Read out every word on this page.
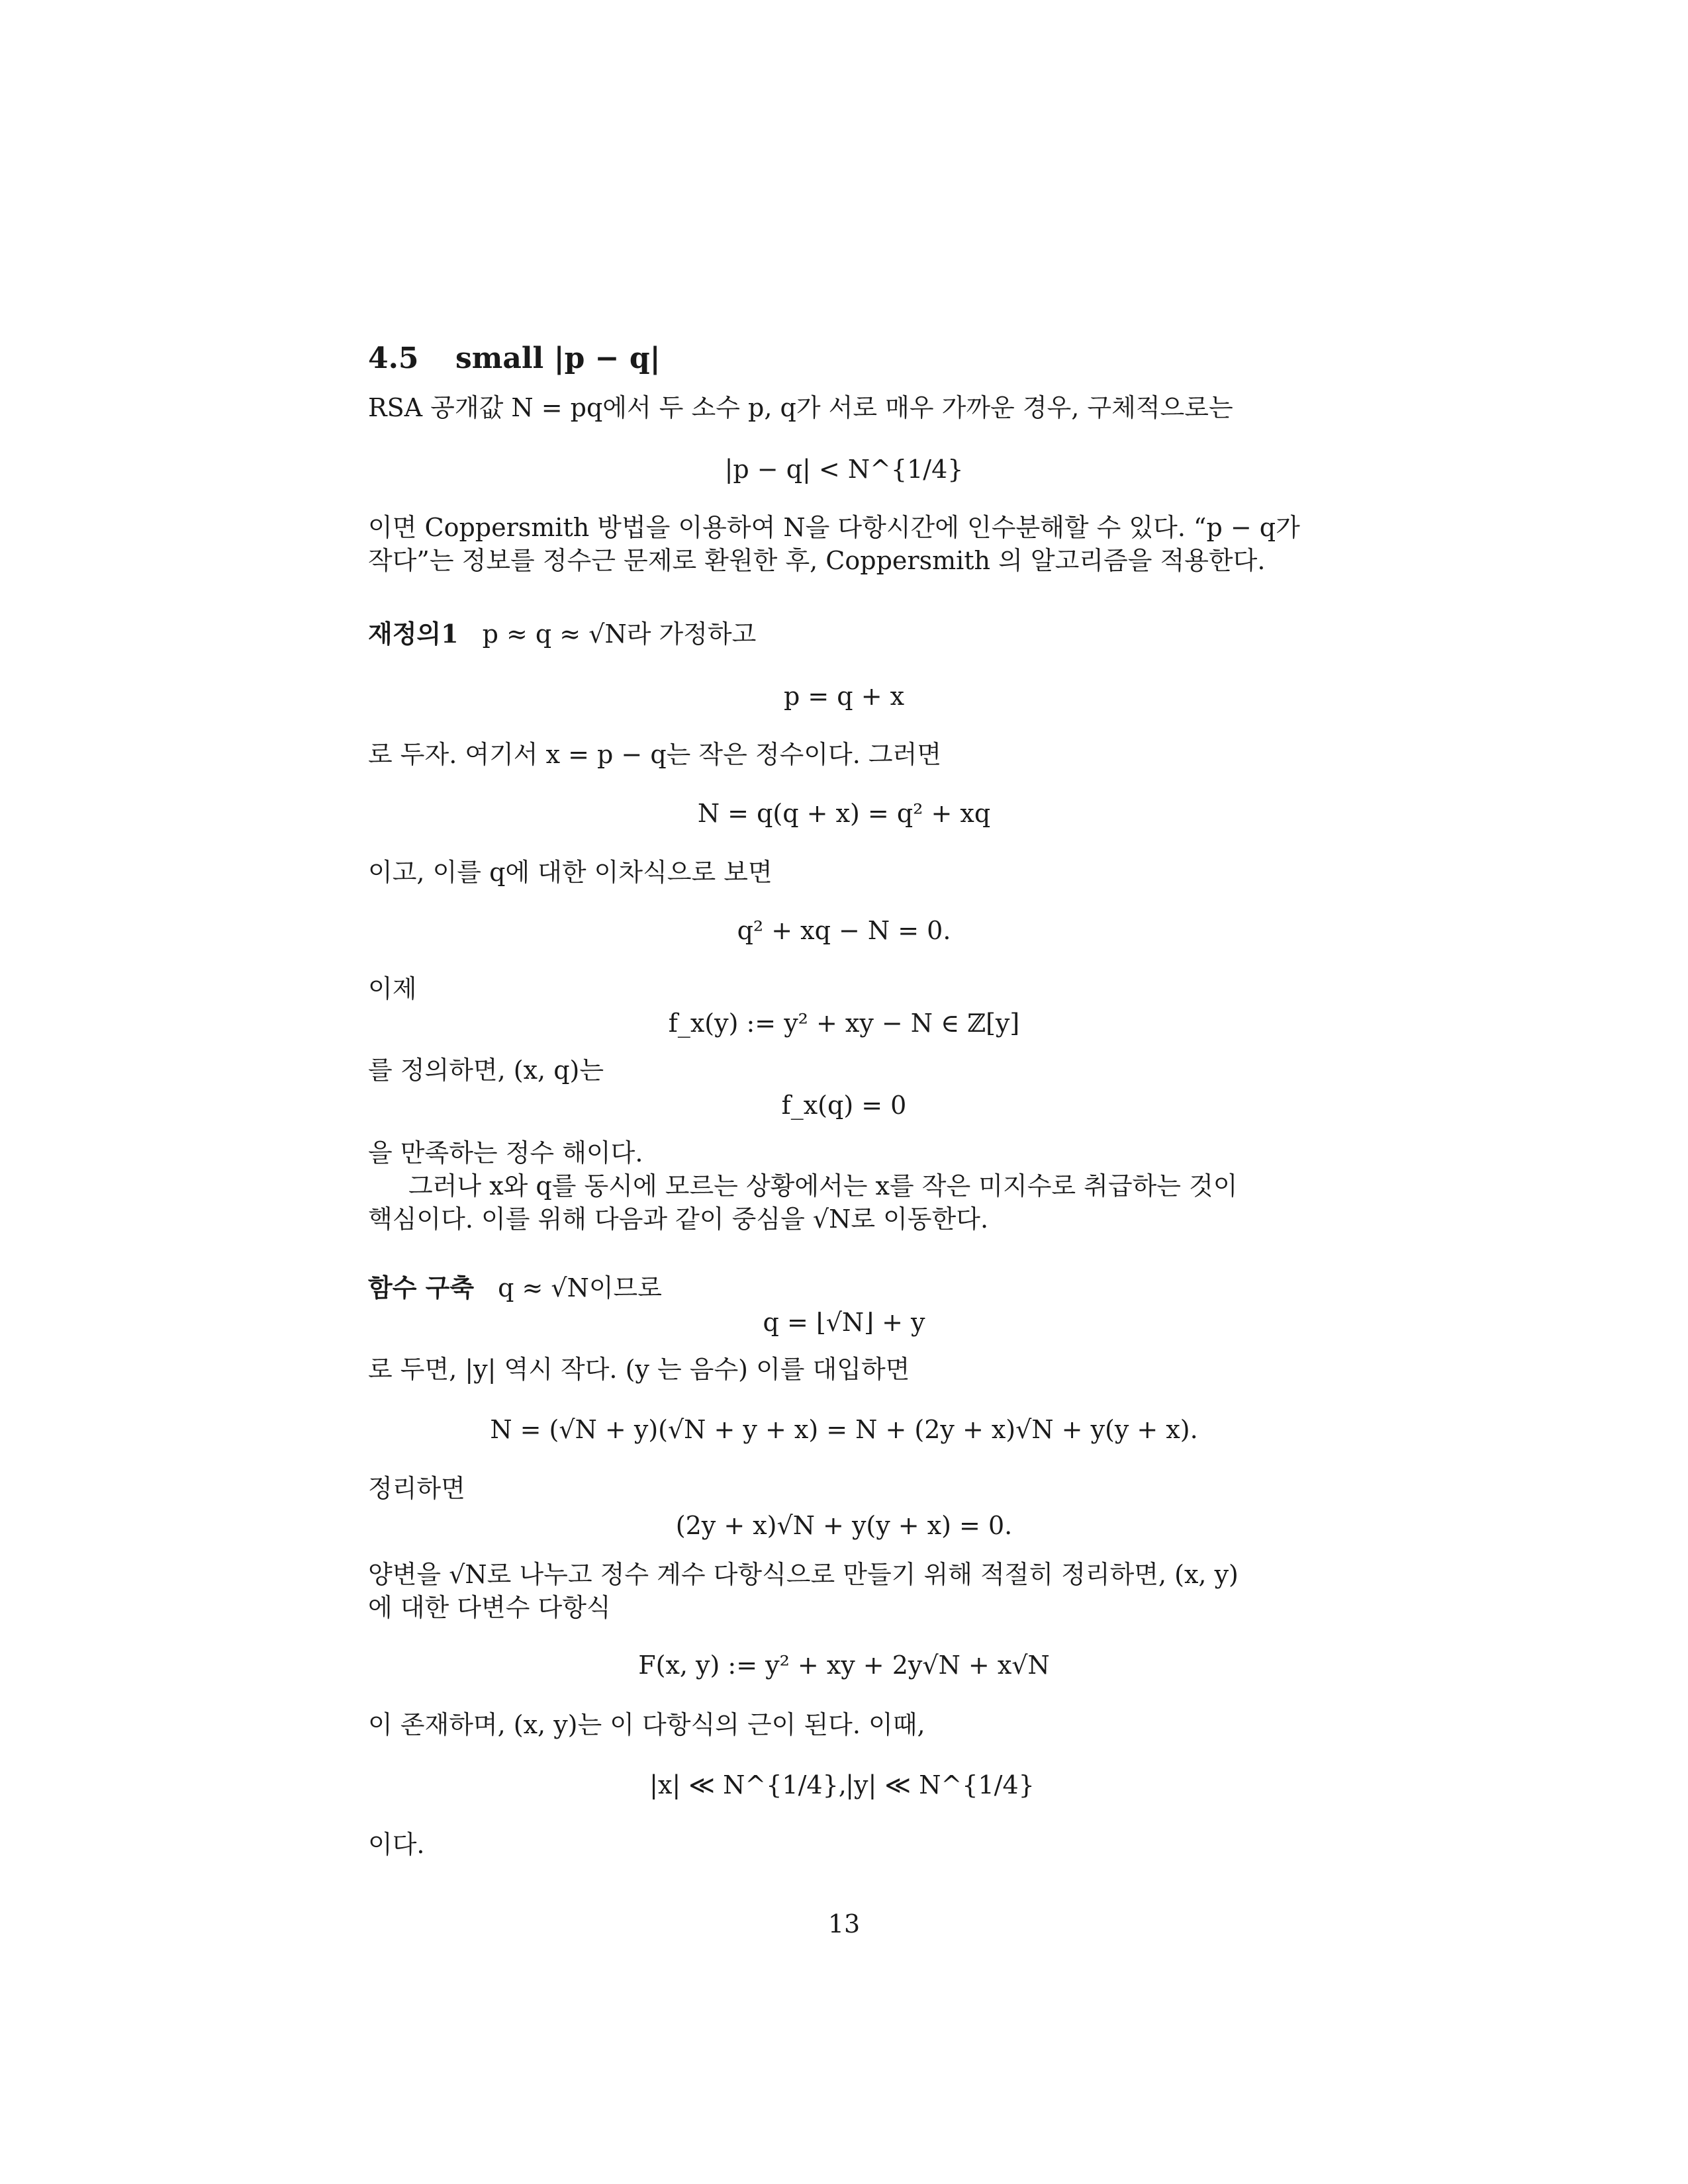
4.5 small |p − q|
RSA 공개값 N = pq에서 두 소수 p, q가 서로 매우 가까운 경우, 구체적으로는
|p − q| < N^{1/4}
이면 Coppersmith 방법을 이용하여 N을 다항시간에 인수분해할 수 있다. “p − q가
작다”는 정보를 정수근 문제로 환원한 후, Coppersmith 의 알고리즘을 적용한다.
재정의1 p ≈ q ≈ √N라 가정하고
p = q + x
로 두자. 여기서 x = p − q는 작은 정수이다. 그러면
N = q(q + x) = q² + xq
이고, 이를 q에 대한 이차식으로 보면
q² + xq − N = 0.
이제
f_x(y) := y² + xy − N ∈ ℤ[y]
를 정의하면, (x, q)는
f_x(q) = 0
을 만족하는 정수 해이다.
그러나 x와 q를 동시에 모르는 상황에서는 x를 작은 미지수로 취급하는 것이
핵심이다. 이를 위해 다음과 같이 중심을 √N로 이동한다.
함수 구축 q ≈ √N이므로
q = ⌊√N⌋ + y
로 두면, |y| 역시 작다. (y 는 음수) 이를 대입하면
N = (√N + y)(√N + y + x) = N + (2y + x)√N + y(y + x).
정리하면
(2y + x)√N + y(y + x) = 0.
양변을 √N로 나누고 정수 계수 다항식으로 만들기 위해 적절히 정리하면, (x, y)
에 대한 다변수 다항식
F(x, y) := y² + xy + 2y√N + x√N
이 존재하며, (x, y)는 이 다항식의 근이 된다. 이때,
|x| ≪ N^{1/4},
|y| ≪ N^{1/4}
이다.
13
